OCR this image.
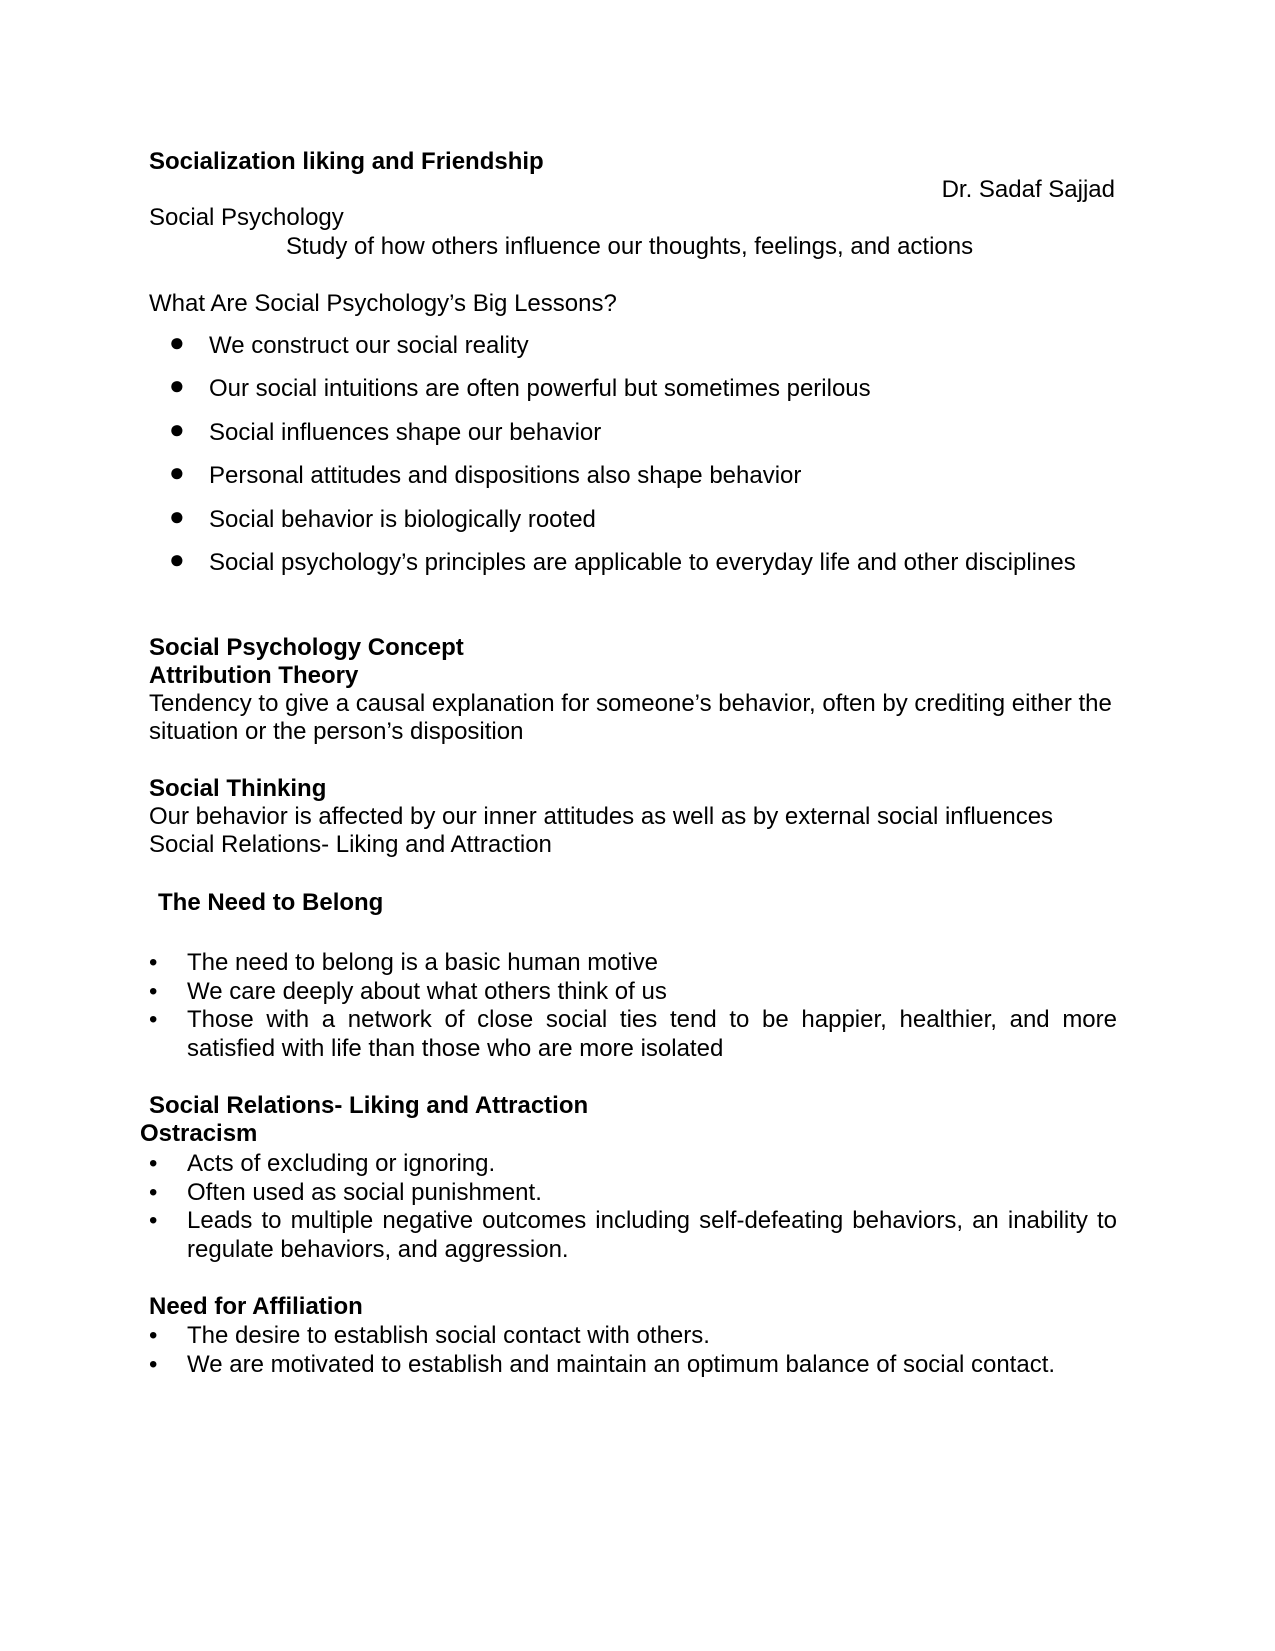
Socialization liking and Friendship
Dr. Sadaf Sajjad
Social Psychology
Study of how others influence our thoughts, feelings, and actions
What Are Social Psychology’s Big Lessons?
● We construct our social reality
● Our social intuitions are often powerful but sometimes perilous
● Social influences shape our behavior
● Personal attitudes and dispositions also shape behavior
● Social behavior is biologically rooted
● Social psychology’s principles are applicable to everyday life and other disciplines
Social Psychology Concept
Attribution Theory
Tendency to give a causal explanation for someone’s behavior, often by crediting either the situation or the person’s disposition
Social Thinking
Our behavior is affected by our inner attitudes as well as by external social influences
Social Relations- Liking and Attraction
The Need to Belong
• The need to belong is a basic human motive
• We care deeply about what others think of us
• Those with a network of close social ties tend to be happier, healthier, and more satisfied with life than those who are more isolated
Social Relations- Liking and Attraction
Ostracism
• Acts of excluding or ignoring.
• Often used as social punishment.
• Leads to multiple negative outcomes including self-defeating behaviors, an inability to regulate behaviors, and aggression.
Need for Affiliation
• The desire to establish social contact with others.
• We are motivated to establish and maintain an optimum balance of social contact.
